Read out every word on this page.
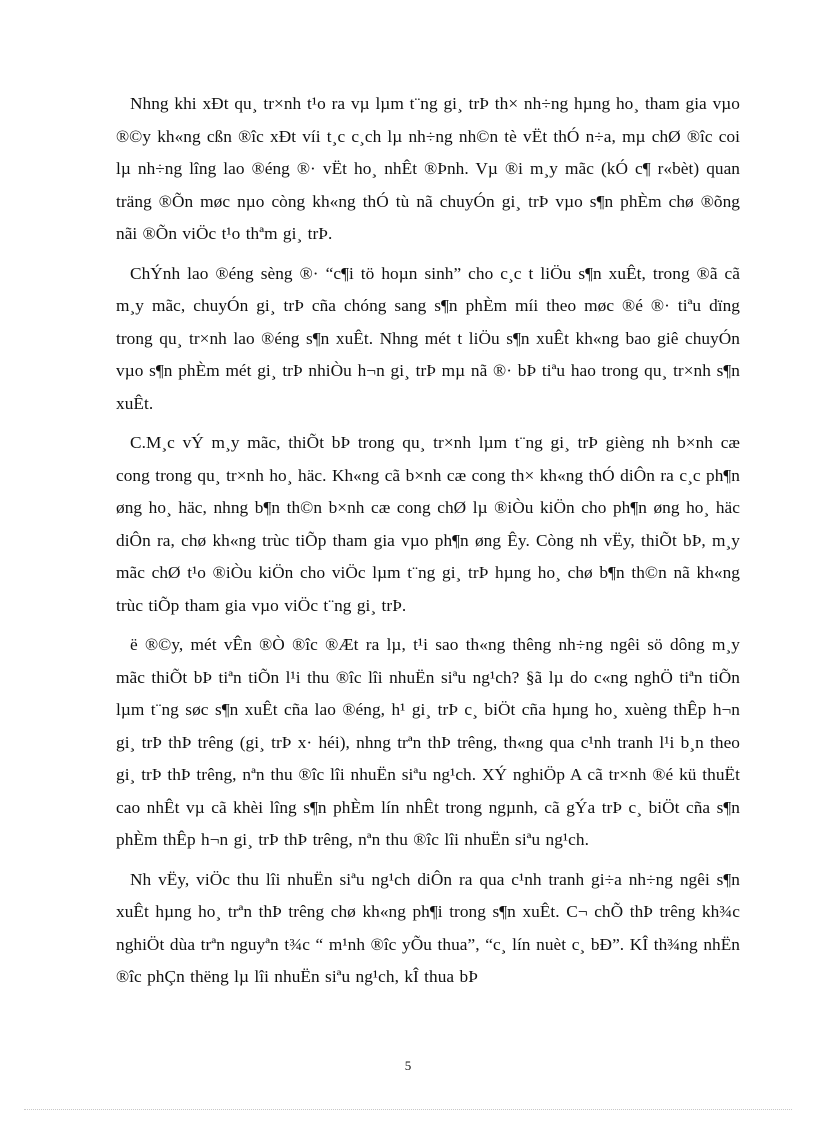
Nhng khi xÐt qu¸ tr×nh t¹o ra vµ lµm t¨ng gi¸ trÞ th× nh÷ng hµng ho¸ tham gia vµo ®©y kh«ng cßn ®îc xÐt víi t¸c c¸ch lµ nh÷ng nh©n tè vËt thÓ n÷a, mµ chØ ®îc coi lµ nh÷ng lîng lao ®éng ®· vËt ho¸ nhÊt ®Þnh. Vµ ®i m¸y mãc (kÓ c¶ r«bèt) quan träng ®Õn møc nµo còng kh«ng thÓ tù nã chuyÓn gi¸ trÞ vµo s¶n phÈm chø ®õng nãi ®Õn viÖc t¹o thªm gi¸ trÞ.

ChÝnh lao ®éng sèng ®· “c¶i tö hoµn sinh” cho c¸c t liÖu s¶n xuÊt, trong ®ã cã m¸y mãc, chuyÓn gi¸ trÞ cña chóng sang s¶n phÈm míi theo møc ®é ®· tiªu dïng trong qu¸ tr×nh lao ®éng s¶n xuÊt. Nhng mét t liÖu s¶n xuÊt kh«ng bao giê chuyÓn vµo s¶n phÈm mét gi¸ trÞ nhiÒu h¬n gi¸ trÞ mµ nã ®· bÞ tiªu hao trong qu¸ tr×nh s¶n xuÊt.

C.M¸c vÝ m¸y mãc, thiÕt bÞ trong qu¸ tr×nh lµm t¨ng gi¸ trÞ gièng nh b×nh cæ cong trong qu¸ tr×nh ho¸ häc. Kh«ng cã b×nh cæ cong th× kh«ng thÓ diÔn ra c¸c ph¶n øng ho¸ häc, nhng b¶n th©n b×nh cæ cong chØ lµ ®iÒu kiÖn cho ph¶n øng ho¸ häc diÔn ra, chø kh«ng trùc tiÕp tham gia vµo ph¶n øng Êy. Còng nh vËy, thiÕt bÞ, m¸y mãc chØ t¹o ®iÒu kiÖn cho viÖc lµm t¨ng gi¸ trÞ hµng ho¸ chø b¶n th©n nã kh«ng trùc tiÕp tham gia vµo viÖc t¨ng gi¸ trÞ.

ë ®©y, mét vÊn ®Ò ®îc ®Æt ra lµ, t¹i sao th«ng thêng nh÷ng ngêi sö dông m¸y mãc thiÕt bÞ tiªn tiÕn l¹i thu ®îc lîi nhuËn siªu ng¹ch? §ã lµ do c«ng nghÖ tiªn tiÕn lµm t¨ng søc s¶n xuÊt cña lao ®éng, h¹ gi¸ trÞ c¸ biÖt cña hµng ho¸ xuèng thÊp h¬n gi¸ trÞ thÞ trêng (gi¸ trÞ x· héi), nhng trªn thÞ trêng, th«ng qua c¹nh tranh l¹i b¸n theo gi¸ trÞ thÞ trêng, nªn thu ®îc lîi nhuËn siªu ng¹ch. XÝ nghiÖp A cã tr×nh ®é kü thuËt cao nhÊt vµ cã khèi lîng s¶n phÈm lín nhÊt trong ngµnh, cã gÝa trÞ c¸ biÖt cña s¶n phÈm thÊp h¬n gi¸ trÞ thÞ trêng, nªn thu ®îc lîi nhuËn siªu ng¹ch.

Nh vËy, viÖc thu lîi nhuËn siªu ng¹ch diÔn ra qua c¹nh tranh gi÷a nh÷ng ngêi s¶n xuÊt hµng ho¸ trªn thÞ trêng chø kh«ng ph¶i trong s¶n xuÊt. C¬ chÕ thÞ trêng kh¾c nghiÖt dùa trªn nguyªn t¾c “ m¹nh ®îc yÕu thua”, “c¸ lín nuèt c¸ bÐ”. KÎ th¾ng nhËn ®îc phÇn thëng lµ lîi nhuËn siªu ng¹ch, kÎ thua bÞ

5
